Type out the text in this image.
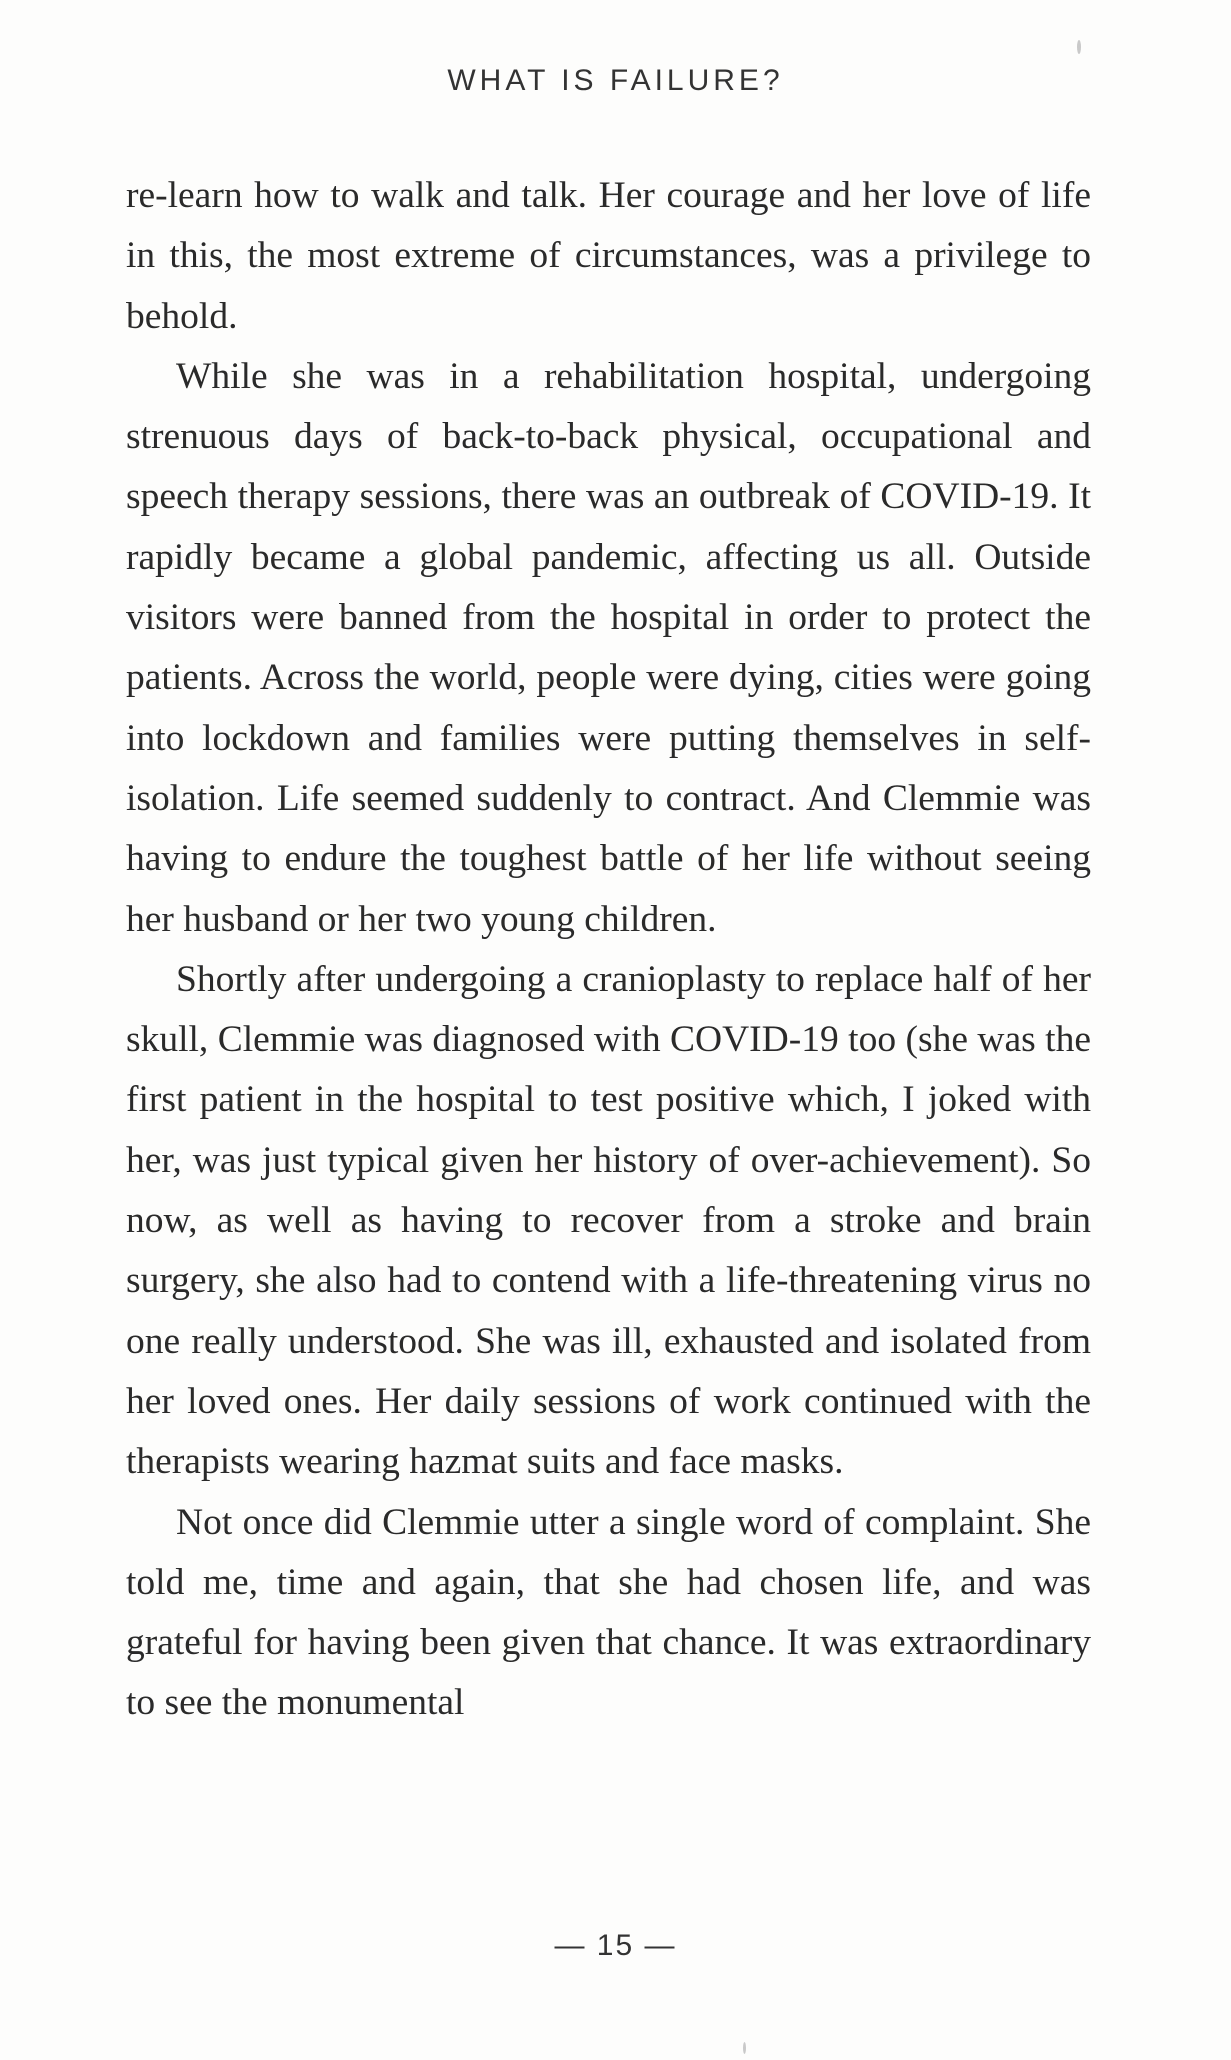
WHAT IS FAILURE?

re-learn how to walk and talk. Her courage and her love of life in this, the most extreme of circumstances, was a privilege to behold.

While she was in a rehabilitation hospital, undergoing strenuous days of back-to-back physical, occupational and speech therapy sessions, there was an outbreak of COVID-19. It rapidly became a global pandemic, affecting us all. Outside visitors were banned from the hospital in order to protect the patients. Across the world, people were dying, cities were going into lockdown and families were putting themselves in self-isolation. Life seemed suddenly to contract. And Clemmie was having to endure the toughest battle of her life without seeing her husband or her two young children.

Shortly after undergoing a cranioplasty to replace half of her skull, Clemmie was diagnosed with COVID-19 too (she was the first patient in the hospital to test positive which, I joked with her, was just typical given her history of over-achievement). So now, as well as having to recover from a stroke and brain surgery, she also had to contend with a life-threatening virus no one really understood. She was ill, exhausted and isolated from her loved ones. Her daily sessions of work continued with the therapists wearing hazmat suits and face masks.

Not once did Clemmie utter a single word of complaint. She told me, time and again, that she had chosen life, and was grateful for having been given that chance. It was extraordinary to see the monumental

— 15 —
